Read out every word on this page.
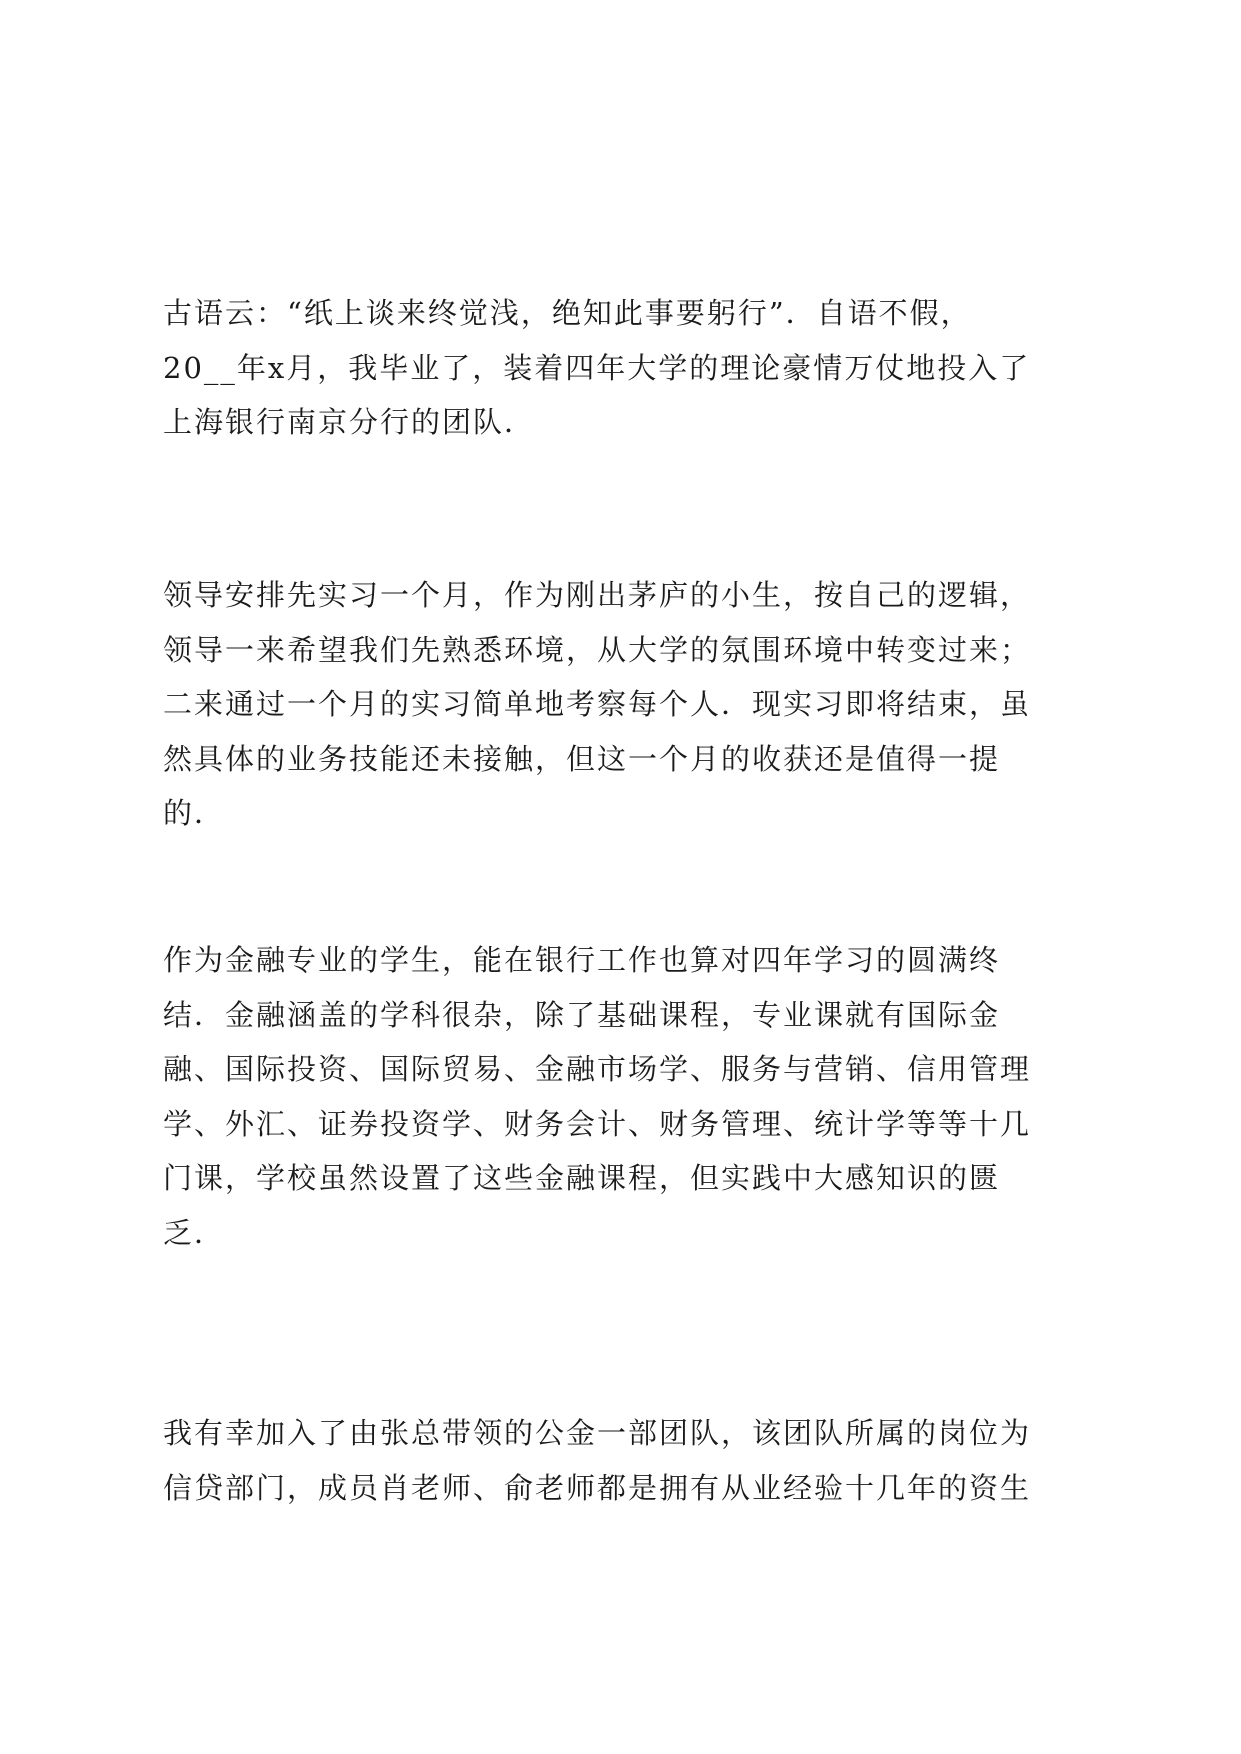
古语云：“纸上谈来终觉浅，绝知此事要躬行”．自语不假，
20__年x月，我毕业了，装着四年大学的理论豪情万仗地投入了
上海银行南京分行的团队．

领导安排先实习一个月，作为刚出茅庐的小生，按自己的逻辑，
领导一来希望我们先熟悉环境，从大学的氛围环境中转变过来；
二来通过一个月的实习简单地考察每个人．现实习即将结束，虽
然具体的业务技能还未接触，但这一个月的收获还是值得一提
的．

作为金融专业的学生，能在银行工作也算对四年学习的圆满终
结．金融涵盖的学科很杂，除了基础课程，专业课就有国际金
融、国际投资、国际贸易、金融市场学、服务与营销、信用管理
学、外汇、证券投资学、财务会计、财务管理、统计学等等十几
门课，学校虽然设置了这些金融课程，但实践中大感知识的匮
乏．

我有幸加入了由张总带领的公金一部团队，该团队所属的岗位为
信贷部门，成员肖老师、俞老师都是拥有从业经验十几年的资生
